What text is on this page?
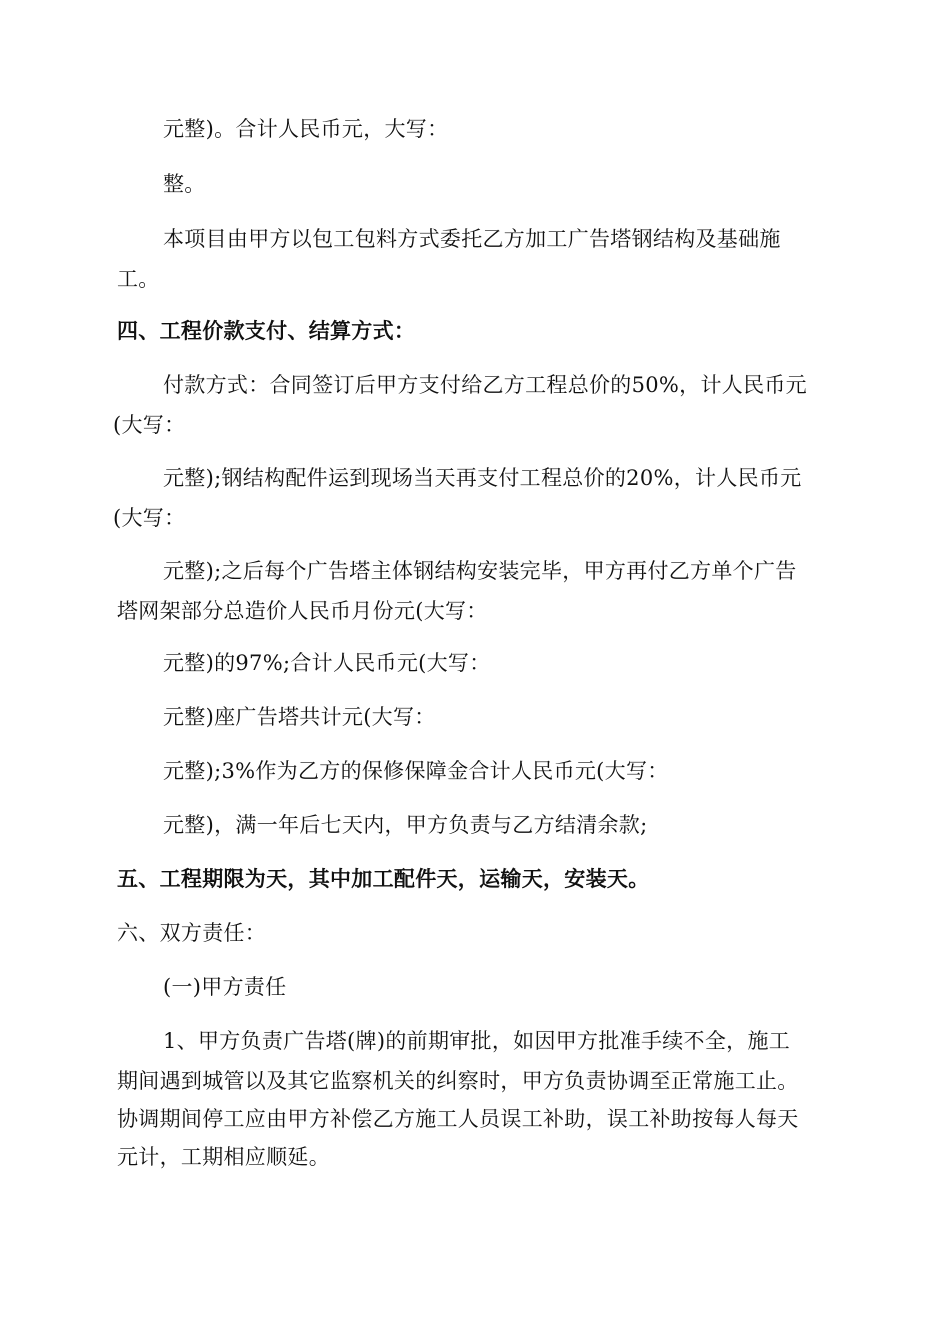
元整)。合计人民币元，大写：
整。
本项目由甲方以包工包料方式委托乙方加工广告塔钢结构及基础施
工。
四、工程价款支付、结算方式：
付款方式：合同签订后甲方支付给乙方工程总价的50%，计人民币元
(大写：
元整);钢结构配件运到现场当天再支付工程总价的20%，计人民币元
(大写：
元整);之后每个广告塔主体钢结构安装完毕，甲方再付乙方单个广告
塔网架部分总造价人民币月份元(大写：
元整)的97%;合计人民币元(大写：
元整)座广告塔共计元(大写：
元整);3%作为乙方的保修保障金合计人民币元(大写：
元整)，满一年后七天内，甲方负责与乙方结清余款;
五、工程期限为天，其中加工配件天，运输天，安装天。
六、双方责任：
(一)甲方责任
1、甲方负责广告塔(牌)的前期审批，如因甲方批准手续不全，施工
期间遇到城管以及其它监察机关的纠察时，甲方负责协调至正常施工止。
协调期间停工应由甲方补偿乙方施工人员误工补助，误工补助按每人每天
元计，工期相应顺延。
